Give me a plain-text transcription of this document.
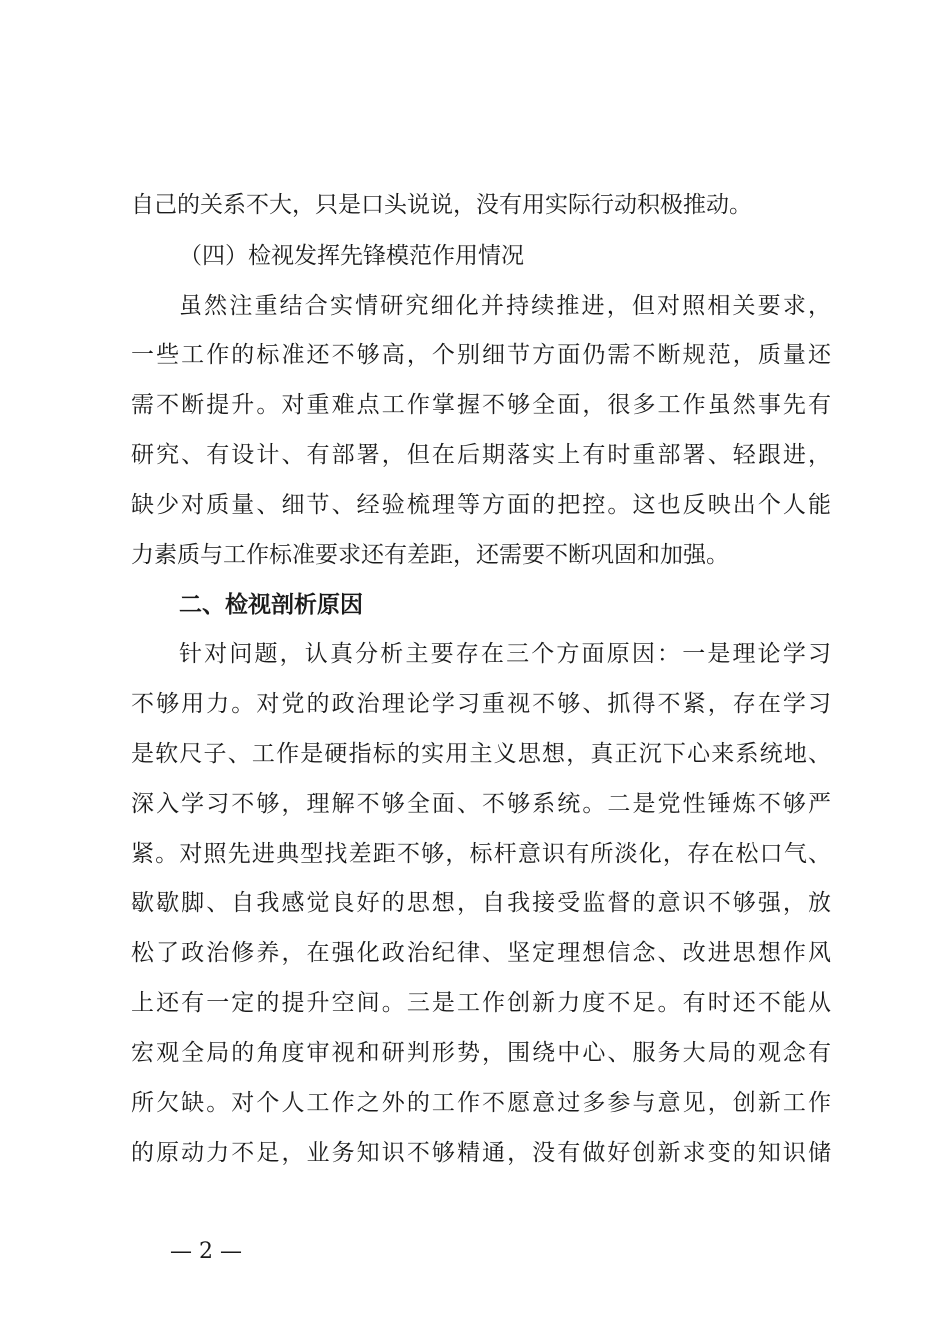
自己的关系不大，只是口头说说，没有用实际行动积极推动。
（四）检视发挥先锋模范作用情况
虽然注重结合实情研究细化并持续推进，但对照相关要求，
一些工作的标准还不够高，个别细节方面仍需不断规范，质量还
需不断提升。对重难点工作掌握不够全面，很多工作虽然事先有
研究、有设计、有部署，但在后期落实上有时重部署、轻跟进，
缺少对质量、细节、经验梳理等方面的把控。这也反映出个人能
力素质与工作标准要求还有差距，还需要不断巩固和加强。
二、检视剖析原因
针对问题，认真分析主要存在三个方面原因：一是理论学习
不够用力。对党的政治理论学习重视不够、抓得不紧，存在学习
是软尺子、工作是硬指标的实用主义思想，真正沉下心来系统地、
深入学习不够，理解不够全面、不够系统。二是党性锤炼不够严
紧。对照先进典型找差距不够，标杆意识有所淡化，存在松口气、
歇歇脚、自我感觉良好的思想，自我接受监督的意识不够强，放
松了政治修养，在强化政治纪律、坚定理想信念、改进思想作风
上还有一定的提升空间。三是工作创新力度不足。有时还不能从
宏观全局的角度审视和研判形势，围绕中心、服务大局的观念有
所欠缺。对个人工作之外的工作不愿意过多参与意见，创新工作
的原动力不足，业务知识不够精通，没有做好创新求变的知识储
— 2 —
